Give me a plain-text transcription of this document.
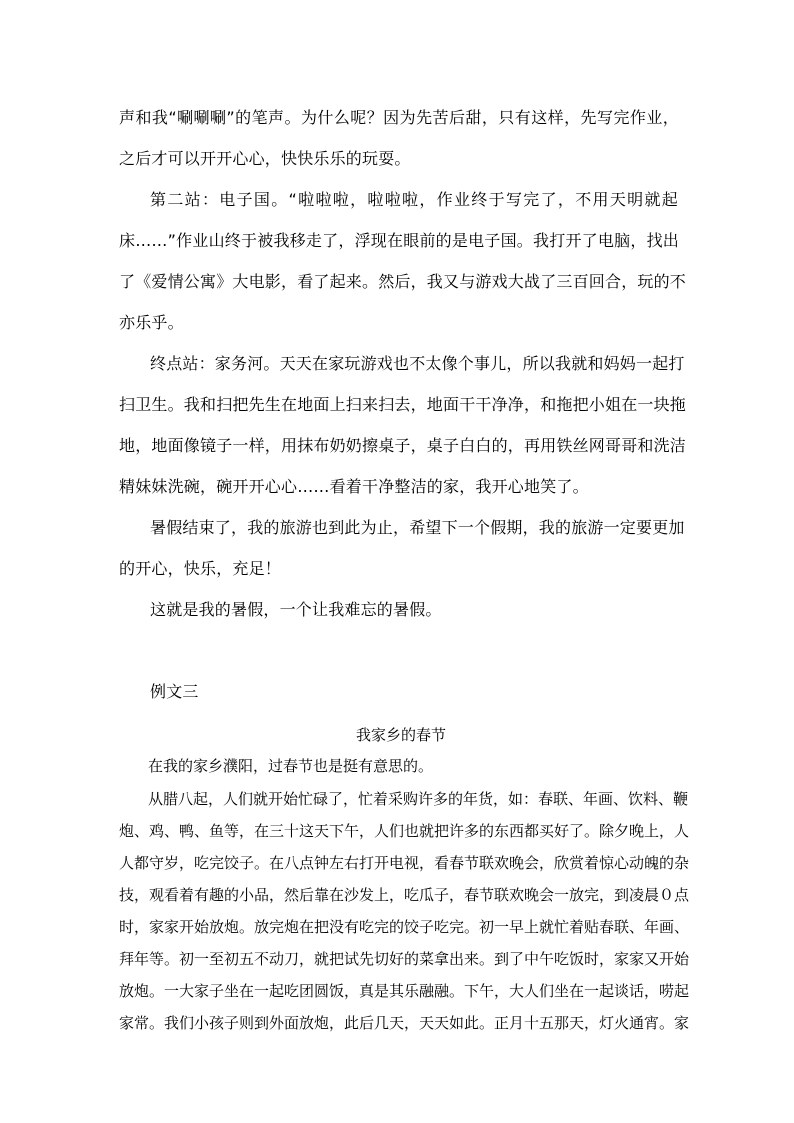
声和我“唰唰唰”的笔声。为什么呢？因为先苦后甜，只有这样，先写完作业，
之后才可以开开心心，快快乐乐的玩耍。
第二站：电子国。“啦啦啦，啦啦啦，作业终于写完了，不用天明就起
床……”作业山终于被我移走了，浮现在眼前的是电子国。我打开了电脑，找出
了《爱情公寓》大电影，看了起来。然后，我又与游戏大战了三百回合，玩的不
亦乐乎。
终点站：家务河。天天在家玩游戏也不太像个事儿，所以我就和妈妈一起打
扫卫生。我和扫把先生在地面上扫来扫去，地面干干净净，和拖把小姐在一块拖
地，地面像镜子一样，用抹布奶奶擦桌子，桌子白白的，再用铁丝网哥哥和洗洁
精妹妹洗碗，碗开开心心……看着干净整洁的家，我开心地笑了。
暑假结束了，我的旅游也到此为止，希望下一个假期，我的旅游一定要更加
的开心，快乐，充足！
这就是我的暑假，一个让我难忘的暑假。
例文三
我家乡的春节
在我的家乡濮阳，过春节也是挺有意思的。
从腊八起，人们就开始忙碌了，忙着采购许多的年货，如：春联、年画、饮料、鞭
炮、鸡、鸭、鱼等，在三十这天下午，人们也就把许多的东西都买好了。除夕晚上，人
人都守岁，吃完饺子。在八点钟左右打开电视，看春节联欢晚会，欣赏着惊心动魄的杂
技，观看着有趣的小品，然后靠在沙发上，吃瓜子，春节联欢晚会一放完，到凌晨０点
时，家家开始放炮。放完炮在把没有吃完的饺子吃完。初一早上就忙着贴春联、年画、
拜年等。初一至初五不动刀，就把试先切好的菜拿出来。到了中午吃饭时，家家又开始
放炮。一大家子坐在一起吃团圆饭，真是其乐融融。下午，大人们坐在一起谈话，唠起
家常。我们小孩子则到外面放炮，此后几天，天天如此。正月十五那天，灯火通宵。家
